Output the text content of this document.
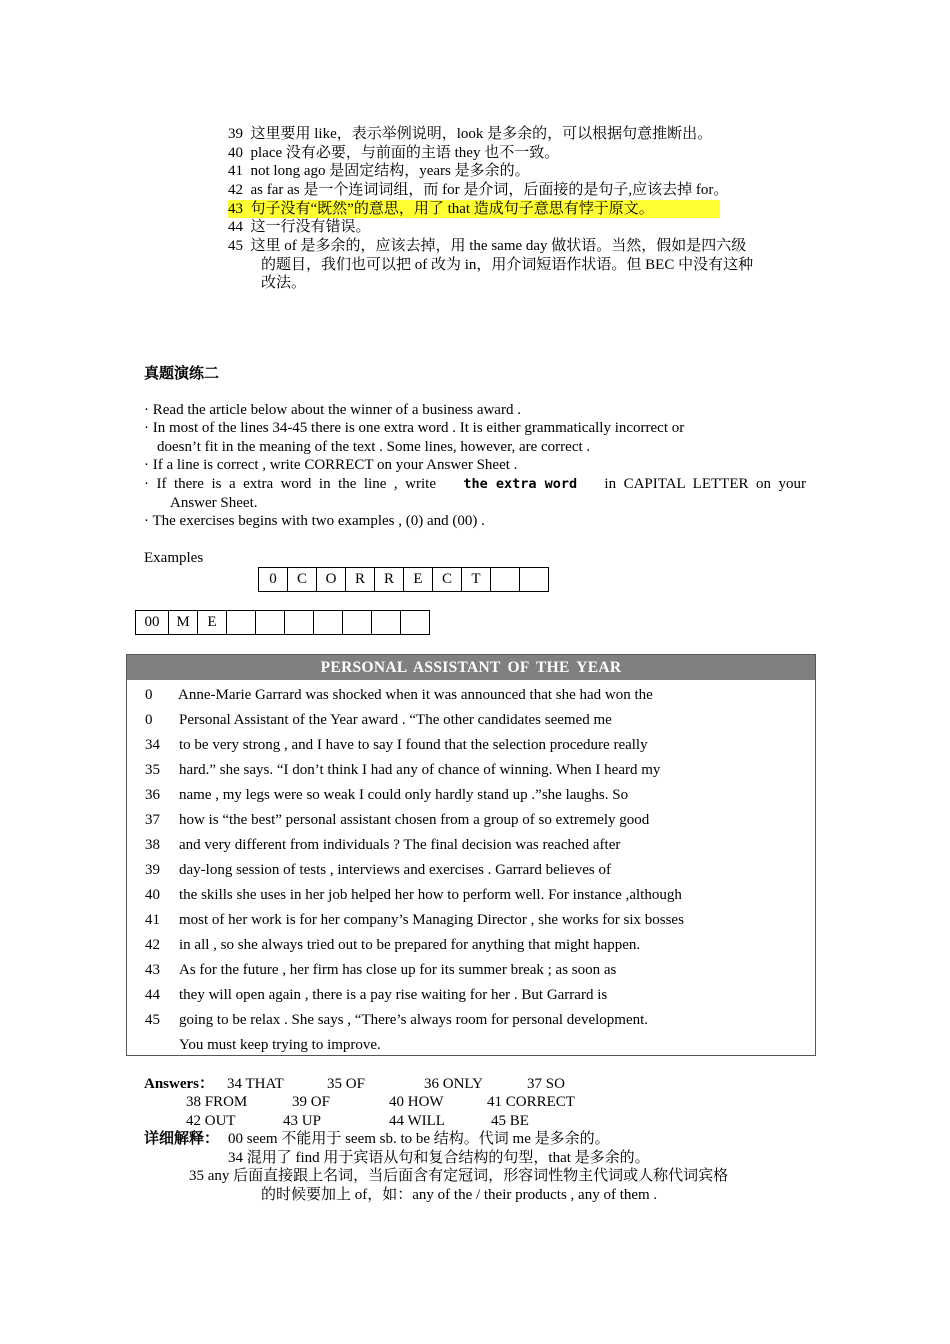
39 这里要用 like，表示举例说明，look 是多余的，可以根据句意推断出。
40 place 没有必要，与前面的主语 they 也不一致。
41 not long ago 是固定结构，years 是多余的。
42 as far as 是一个连词词组，而 for 是介词，后面接的是句子,应该去掉 for。
43 句子没有“既然”的意思，用了 that 造成句子意思有悖于原文。
44 这一行没有错误。
45 这里 of 是多余的，应该去掉，用 the same day 做状语。当然，假如是四六级
的题目，我们也可以把 of 改为 in，用介词短语作状语。但 BEC 中没有这种
改法。
真题演练二
· Read the article below about the winner of a business award .
· In most of the lines 34-45 there is one extra word . It is either grammatically incorrect or
doesn’t fit in the meaning of the text . Some lines, however, are correct .
· If a line is correct , write CORRECT on your Answer Sheet .
·  If  there  is  a  extra  word  in  the  line  ,  write the extra word in  CAPITAL  LETTER  on  your
Answer Sheet.
· The exercises begins with two examples , (0) and (00) .
Examples
0	C	O	R	R	E	C	T		
00	M	E							
PERSONAL ASSISTANT OF THE YEAR
0 Anne-Marie Garrard was shocked when it was announced that she had won the
0 Personal Assistant of the Year award . “The other candidates seemed me
34 to be very strong , and I have to say I found that the selection procedure really
35 hard.” she says. “I don’t think I had any of chance of winning. When I heard my
36 name , my legs were so weak I could only hardly stand up .”she laughs. So
37 how is “the best” personal assistant chosen from a group of so extremely good
38 and very different from individuals ? The final decision was reached after
39 day-long session of tests , interviews and exercises . Garrard believes of
40 the skills she uses in her job helped her how to perform well. For instance ,although
41 most of her work is for her company’s Managing Director , she works for six bosses
42 in all , so she always tried out to be prepared for anything that might happen.
43 As for the future , her firm has close up for its summer break ; as soon as
44 they will open again , there is a pay rise waiting for her . But Garrard is
45 going to be relax . She says , “There’s always room for personal development.
You must keep trying to improve.
Answers： 34 THAT	35 OF	36 ONLY	37 SO
38 FROM	39 OF	40 HOW	41 CORRECT
42 OUT	43 UP	44 WILL	45 BE
详细解释： 00 seem 不能用于 seem sb. to be 结构。代词 me 是多余的。
34 混用了 find 用于宾语从句和复合结构的句型，that 是多余的。
35 any 后面直接跟上名词，当后面含有定冠词，形容词性物主代词或人称代词宾格
的时候要加上 of，如：any of the / their products , any of them .
